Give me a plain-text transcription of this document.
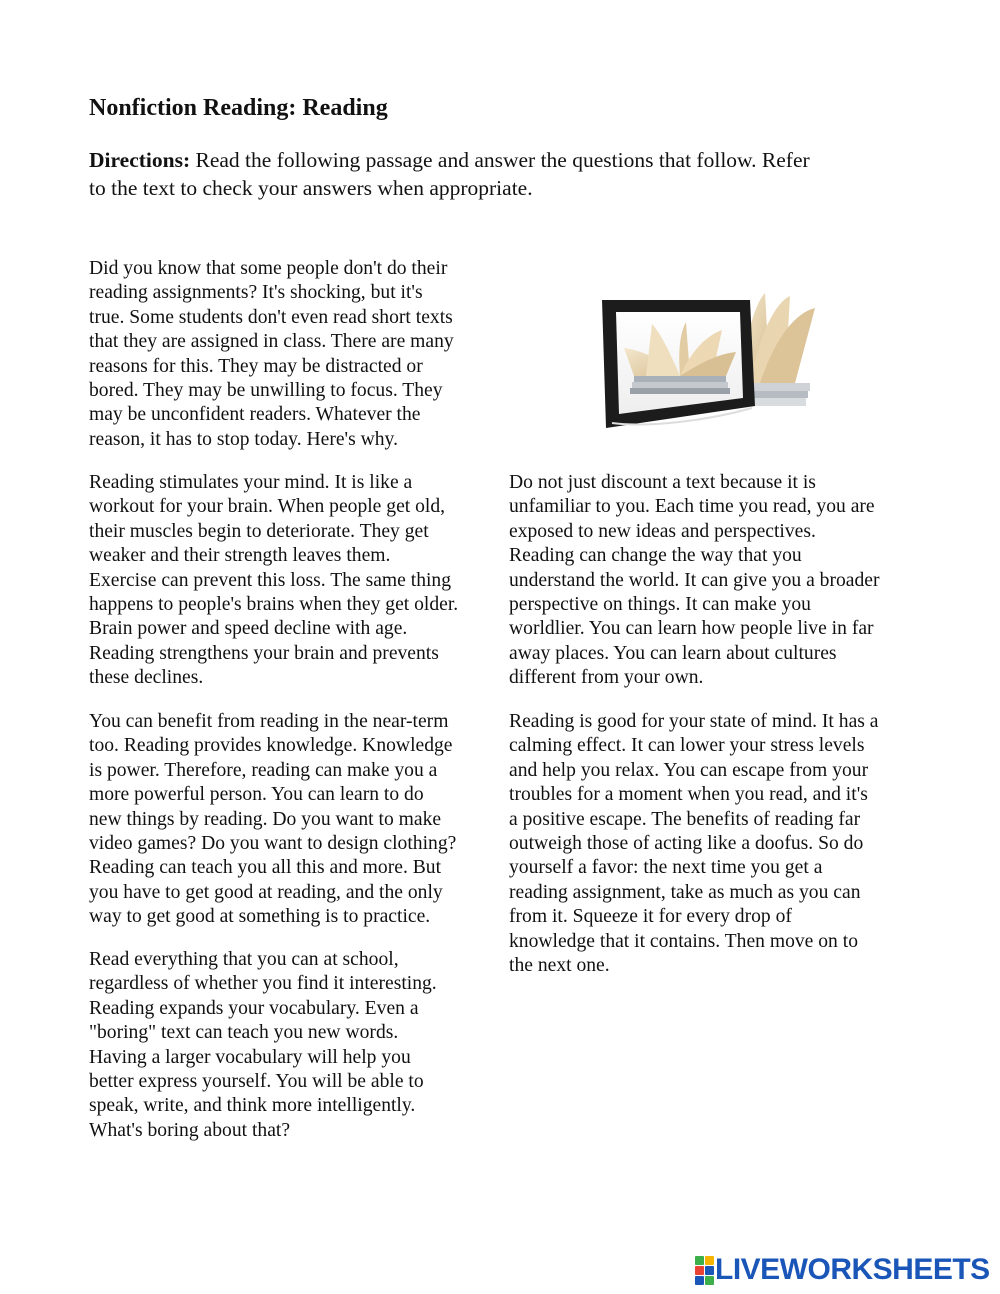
Nonfiction Reading: Reading

Directions: Read the following passage and answer the questions that follow. Refer
to the text to check your answers when appropriate.

Did you know that some people don't do their
reading assignments? It's shocking, but it's
true. Some students don't even read short texts
that they are assigned in class. There are many
reasons for this. They may be distracted or
bored. They may be unwilling to focus. They
may be unconfident readers. Whatever the
reason, it has to stop today. Here's why.
Reading stimulates your mind. It is like a
workout for your brain. When people get old,
their muscles begin to deteriorate. They get
weaker and their strength leaves them.
Exercise can prevent this loss. The same thing
happens to people's brains when they get older.
Brain power and speed decline with age.
Reading strengthens your brain and prevents
these declines.
You can benefit from reading in the near-term
too. Reading provides knowledge. Knowledge
is power. Therefore, reading can make you a
more powerful person. You can learn to do
new things by reading. Do you want to make
video games? Do you want to design clothing?
Reading can teach you all this and more. But
you have to get good at reading, and the only
way to get good at something is to practice.
Read everything that you can at school,
regardless of whether you find it interesting.
Reading expands your vocabulary. Even a
"boring" text can teach you new words.
Having a larger vocabulary will help you
better express yourself. You will be able to
speak, write, and think more intelligently.
What's boring about that?
Do not just discount a text because it is
unfamiliar to you. Each time you read, you are
exposed to new ideas and perspectives.
Reading can change the way that you
understand the world. It can give you a broader
perspective on things. It can make you
worldlier. You can learn how people live in far
away places. You can learn about cultures
different from your own.
Reading is good for your state of mind. It has a
calming effect. It can lower your stress levels
and help you relax. You can escape from your
troubles for a moment when you read, and it's
a positive escape. The benefits of reading far
outweigh those of acting like a doofus. So do
yourself a favor: the next time you get a
reading assignment, take as much as you can
from it. Squeeze it for every drop of
knowledge that it contains. Then move on to
the next one.
LIVEWORKSHEETS
